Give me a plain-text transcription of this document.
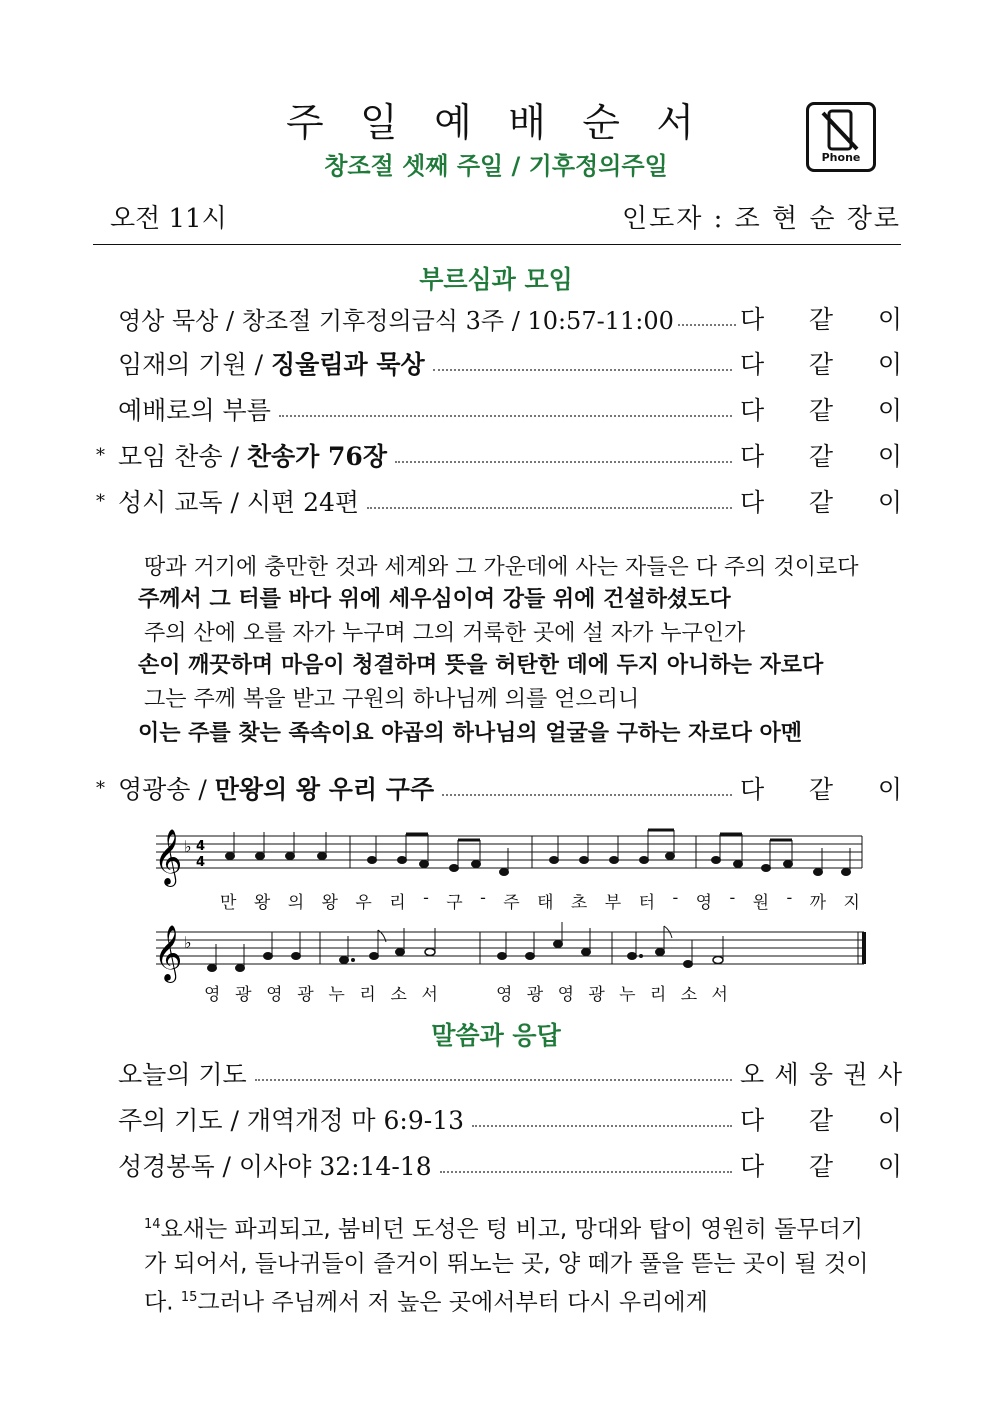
주 일 예 배 순 서
창조절 셋째 주일 / 기후정의주일	Phone
오전 11시	인도자 : 조 현 순 장로
부르심과 모임
영상 묵상 / 창조절 기후정의금식 3주 / 10:57-11:00	다 같 이
임재의 기원 / 징울림과 묵상	다 같 이
예배로의 부름	다 같 이
* 모임 찬송 / 찬송가 76장	다 같 이
* 성시 교독 / 시편 24편	다 같 이
땅과 거기에 충만한 것과 세계와 그 가운데에 사는 자들은 다 주의 것이로다
주께서 그 터를 바다 위에 세우심이여 강들 위에 건설하셨도다
주의 산에 오를 자가 누구며 그의 거룩한 곳에 설 자가 누구인가
손이 깨끗하며 마음이 청결하며 뜻을 허탄한 데에 두지 아니하는 자로다
그는 주께 복을 받고 구원의 하나님께 의를 얻으리니
이는 주를 찾는 족속이요 야곱의 하나님의 얼굴을 구하는 자로다 아멘
* 영광송 / 만왕의 왕 우리 구주	다 같 이
𝄞 ♭ 4
4
만 왕 의 왕 우 리 - 구 - 주 태 초 부 터 - 영 - 원 - 까 지
𝄞 ♭
영 광 영 광 누 리 소 서	영 광 영 광 누 리 소 서
말씀과 응답
오늘의 기도	오 세 웅 권 사
주의 기도 / 개역개정 마 6:9-13	다 같 이
성경봉독 / 이사야 32:14-18	다 같 이
$^{14}$요새는 파괴되고, 붐비던 도성은 텅 비고, 망대와 탑이 영원히 돌무더기가 되어서, 들나귀들이 즐거이 뛰노는 곳, 양 떼가 풀을 뜯는 곳이 될 것이다. $^{15}$그러나 주님께서 저 높은 곳에서부터 다시 우리에게
